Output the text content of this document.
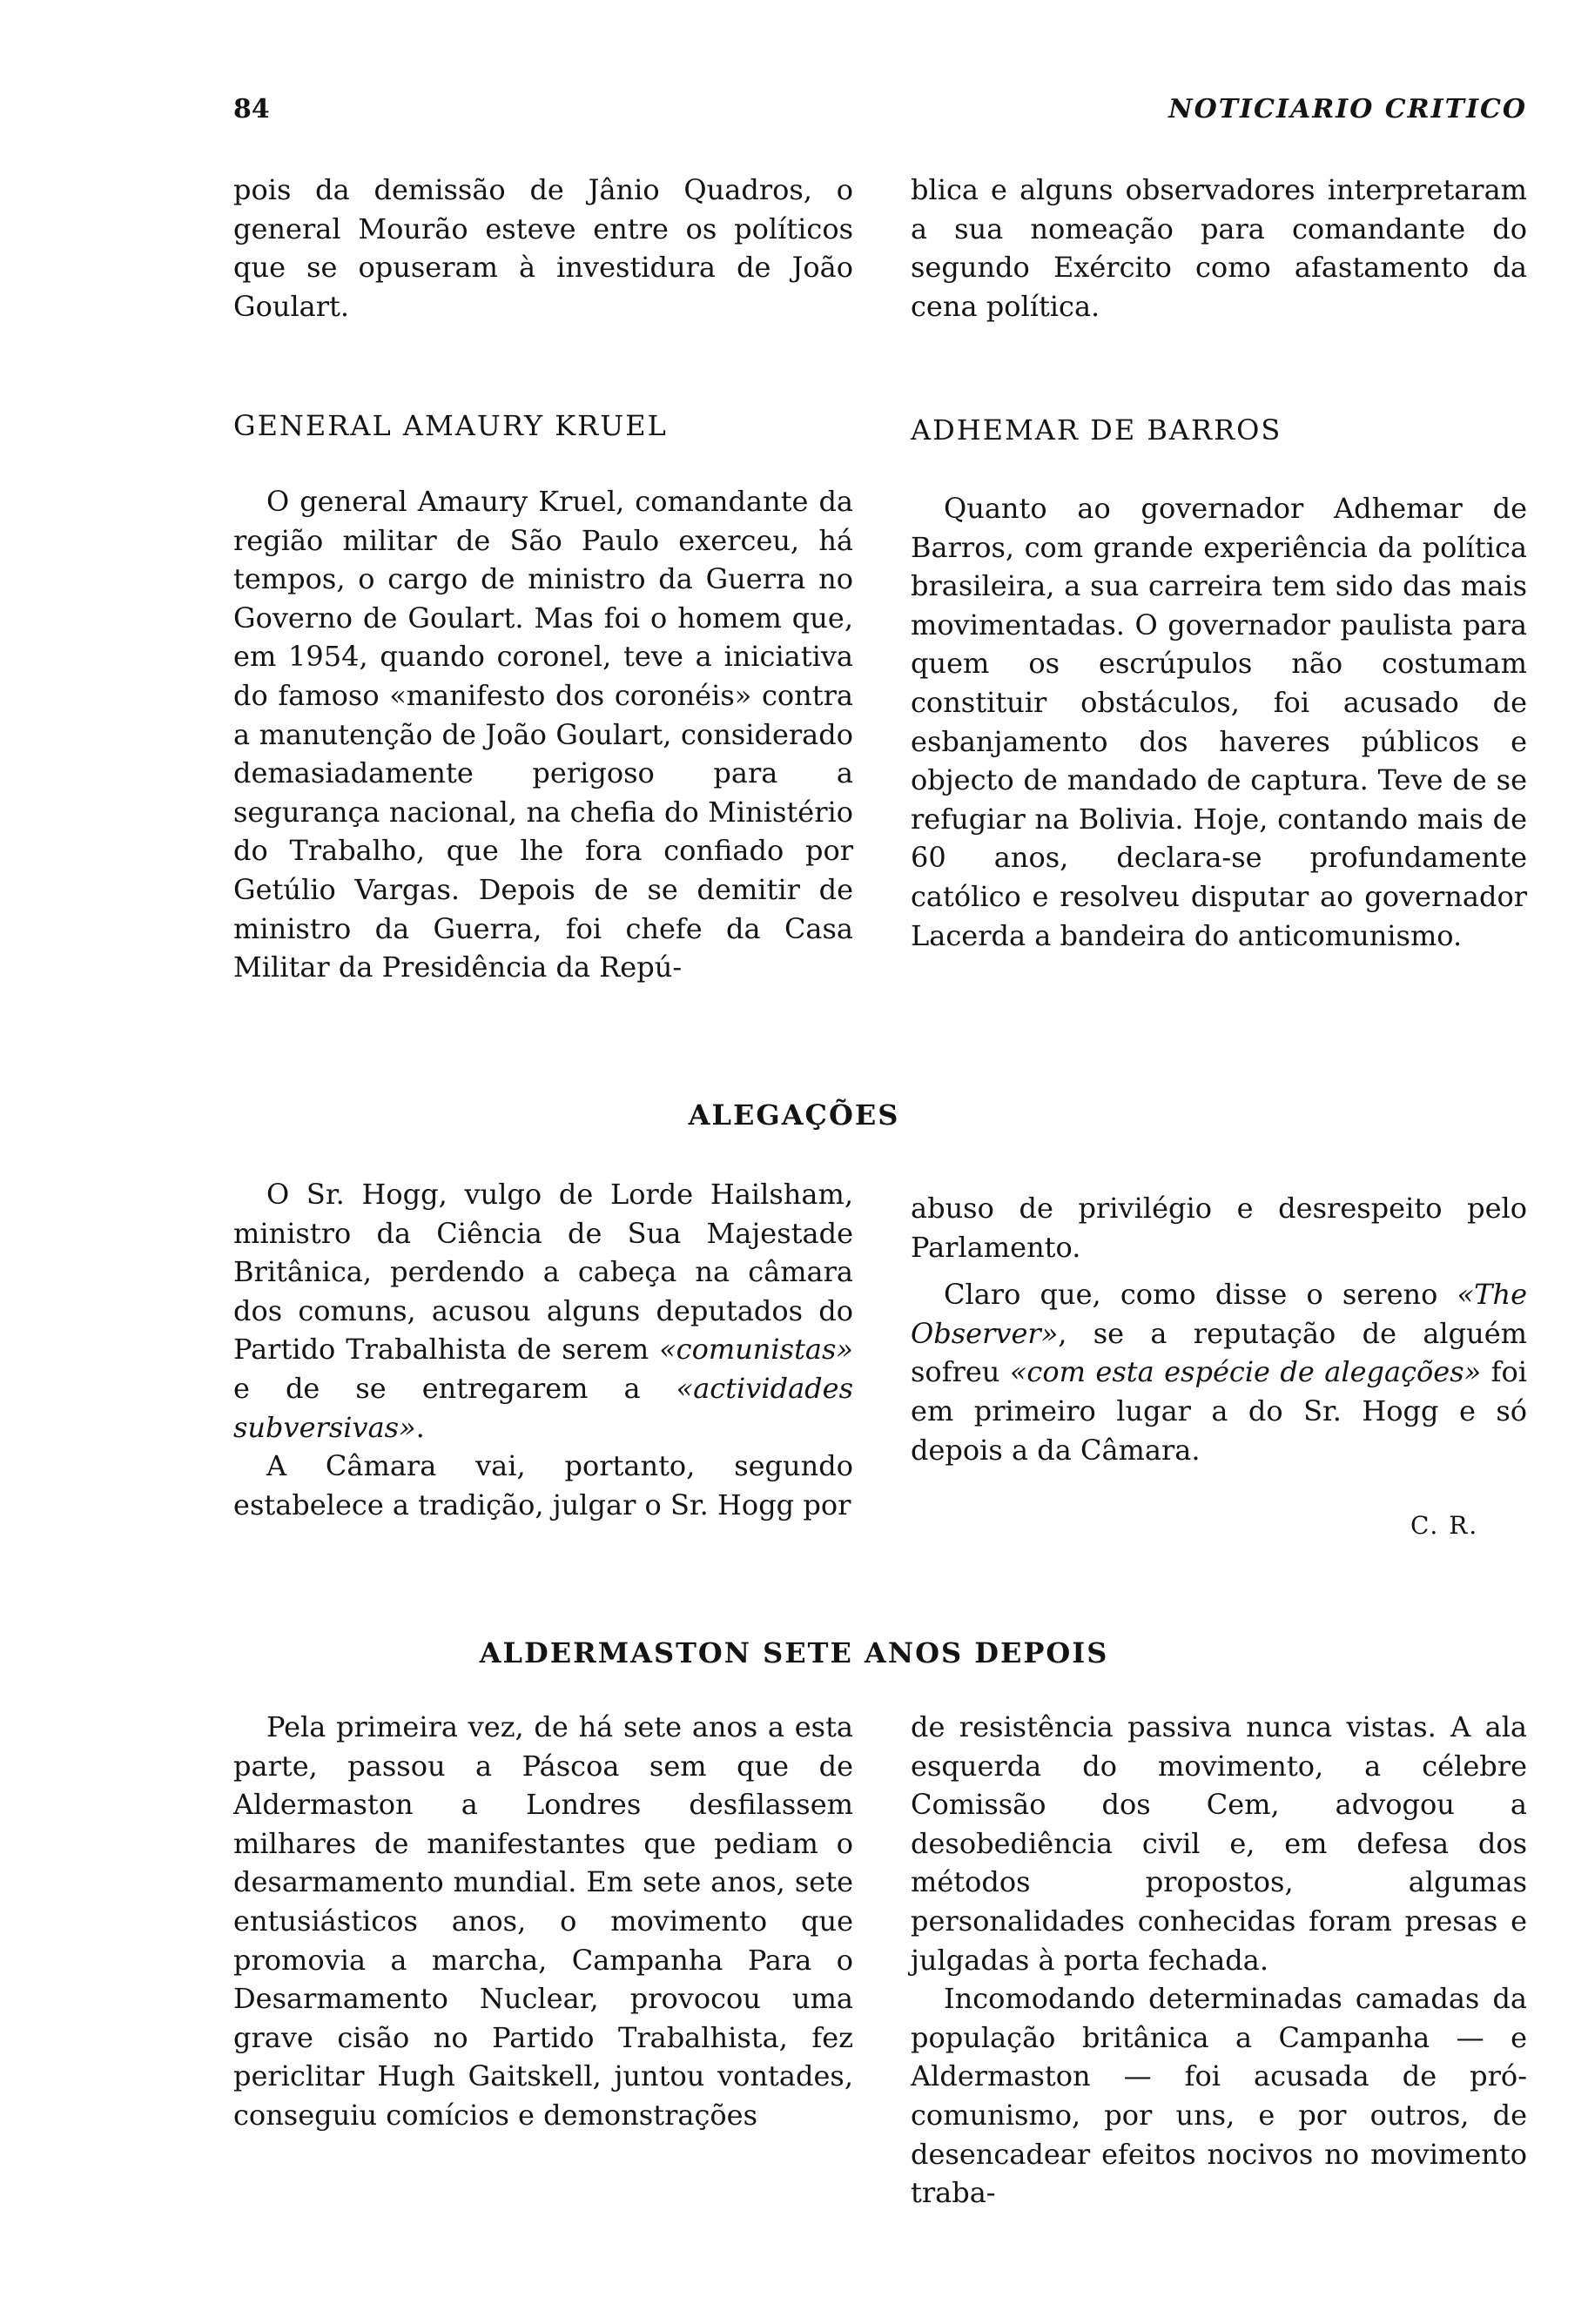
84	NOTICIARIO CRITICO

pois da demissão de Jânio Quadros, o general Mourão esteve entre os políticos que se opuseram à investidura de João Goulart.

blica e alguns observadores interpretaram a sua nomeação para comandante do segundo Exército como afastamento da cena política.

GENERAL AMAURY KRUEL

O general Amaury Kruel, comandante da região militar de São Paulo exerceu, há tempos, o cargo de ministro da Guerra no Governo de Goulart. Mas foi o homem que, em 1954, quando coronel, teve a iniciativa do famoso «manifesto dos coronéis» contra a manutenção de João Goulart, considerado demasiadamente perigoso para a segurança nacional, na chefia do Ministério do Trabalho, que lhe fora confiado por Getúlio Vargas. Depois de se demitir de ministro da Guerra, foi chefe da Casa Militar da Presidência da Repú-

ADHEMAR DE BARROS

Quanto ao governador Adhemar de Barros, com grande experiência da política brasileira, a sua carreira tem sido das mais movimentadas. O governador paulista para quem os escrúpulos não costumam constituir obstáculos, foi acusado de esbanjamento dos haveres públicos e objecto de mandado de captura. Teve de se refugiar na Bolivia. Hoje, contando mais de 60 anos, declara-se profundamente católico e resolveu disputar ao governador Lacerda a bandeira do anticomunismo.

ALEGAÇÕES

O Sr. Hogg, vulgo de Lorde Hailsham, ministro da Ciência de Sua Majestade Britânica, perdendo a cabeça na câmara dos comuns, acusou alguns deputados do Partido Trabalhista de serem «comunistas» e de se entregarem a «actividades subversivas».

A Câmara vai, portanto, segundo estabelece a tradição, julgar o Sr. Hogg por

abuso de privilégio e desrespeito pelo Parlamento.

Claro que, como disse o sereno «The Observer», se a reputação de alguém sofreu «com esta espécie de alegações» foi em primeiro lugar a do Sr. Hogg e só depois a da Câmara.

C. R.
ALDERMASTON SETE ANOS DEPOIS

Pela primeira vez, de há sete anos a esta parte, passou a Páscoa sem que de Aldermaston a Londres desfilassem milhares de manifestantes que pediam o desarmamento mundial. Em sete anos, sete entusiásticos anos, o movimento que promovia a marcha, Campanha Para o Desarmamento Nuclear, provocou uma grave cisão no Partido Trabalhista, fez periclitar Hugh Gaitskell, juntou vontades, conseguiu comícios e demonstrações

de resistência passiva nunca vistas. A ala esquerda do movimento, a célebre Comissão dos Cem, advogou a desobediência civil e, em defesa dos métodos propostos, algumas personalidades conhecidas foram presas e julgadas à porta fechada.

Incomodando determinadas camadas da população britânica a Campanha — e Aldermaston — foi acusada de pró-comunismo, por uns, e por outros, de desencadear efeitos nocivos no movimento traba-
